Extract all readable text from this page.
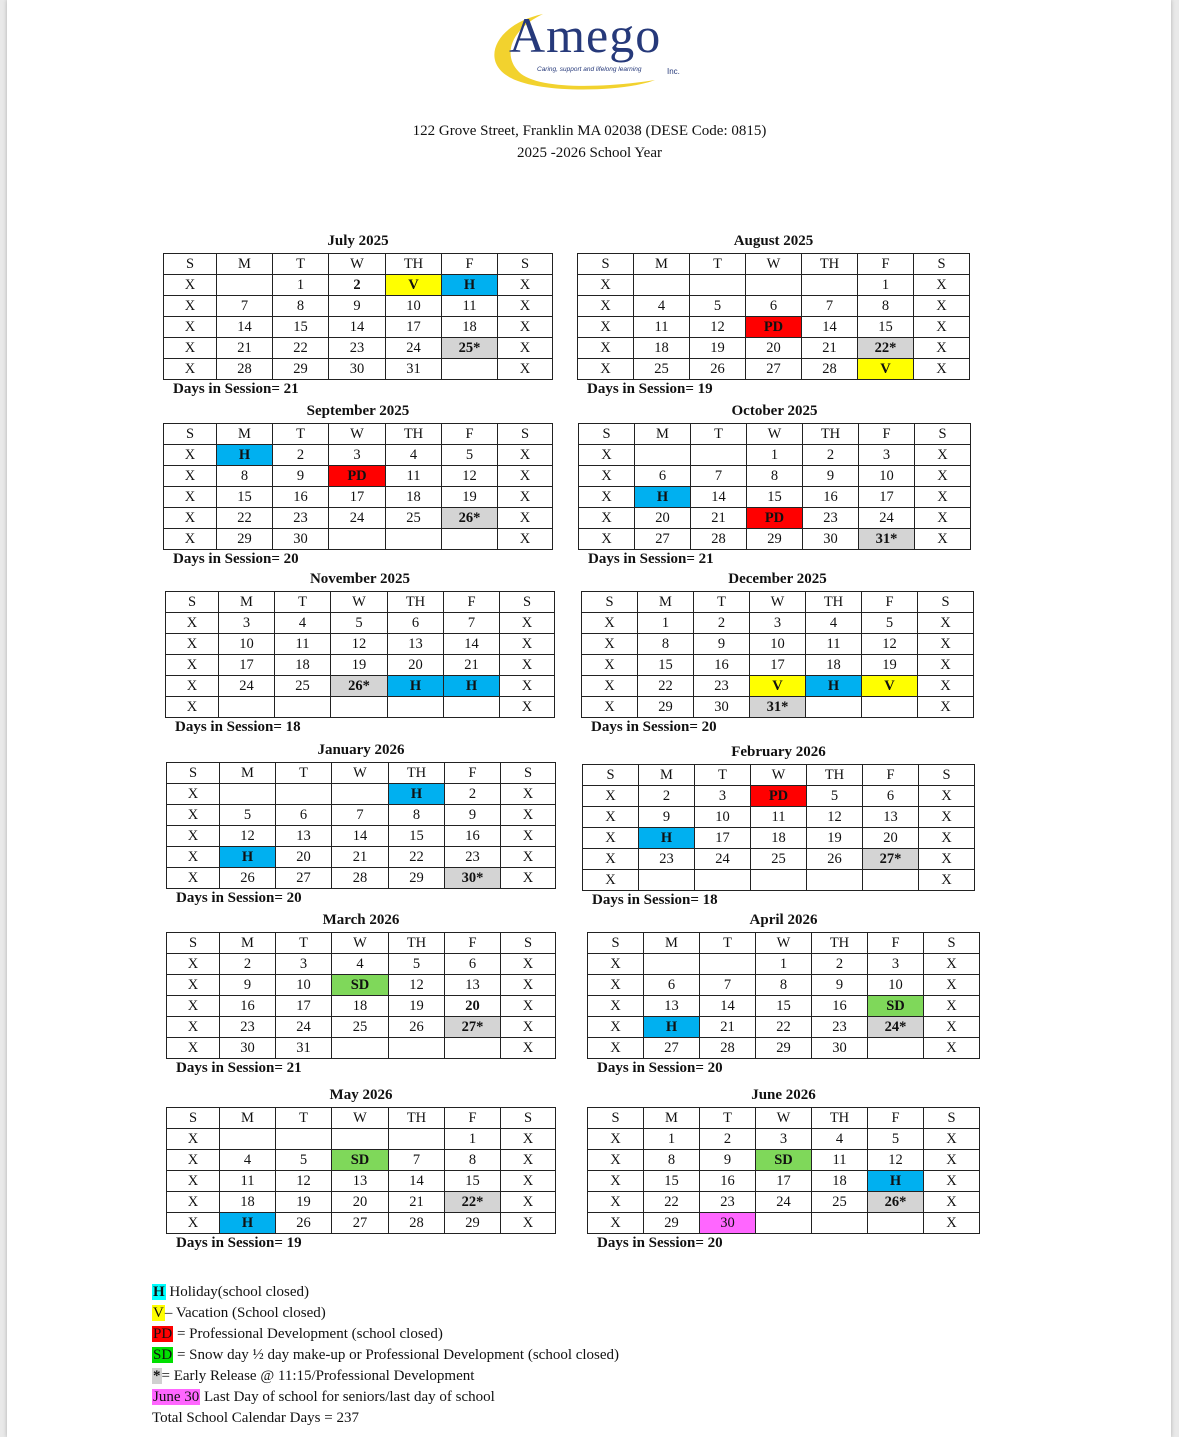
Amego
Caring, support and lifelong learning	Inc.
122 Grove Street, Franklin MA 02038 (DESE Code: 0815)
2025 -2026 School Year
July 2025
S	M	T	W	TH	F	S
X		1	2	V	H	X
X	7	8	9	10	11	X
X	14	15	14	17	18	X
X	21	22	23	24	25*	X
X	28	29	30	31		X
Days in Session= 21
August 2025
S	M	T	W	TH	F	S
X					1	X
X	4	5	6	7	8	X
X	11	12	PD	14	15	X
X	18	19	20	21	22*	X
X	25	26	27	28	V	X
Days in Session= 19
September 2025
S	M	T	W	TH	F	S
X	H	2	3	4	5	X
X	8	9	PD	11	12	X
X	15	16	17	18	19	X
X	22	23	24	25	26*	X
X	29	30				X
Days in Session= 20
October 2025
S	M	T	W	TH	F	S
X			1	2	3	X
X	6	7	8	9	10	X
X	H	14	15	16	17	X
X	20	21	PD	23	24	X
X	27	28	29	30	31*	X
Days in Session= 21
November 2025
S	M	T	W	TH	F	S
X	3	4	5	6	7	X
X	10	11	12	13	14	X
X	17	18	19	20	21	X
X	24	25	26*	H	H	X
X						X
Days in Session= 18
December 2025
S	M	T	W	TH	F	S
X	1	2	3	4	5	X
X	8	9	10	11	12	X
X	15	16	17	18	19	X
X	22	23	V	H	V	X
X	29	30	31*			X
Days in Session= 20
January 2026
S	M	T	W	TH	F	S
X				H	2	X
X	5	6	7	8	9	X
X	12	13	14	15	16	X
X	H	20	21	22	23	X
X	26	27	28	29	30*	X
Days in Session= 20
February 2026
S	M	T	W	TH	F	S
X	2	3	PD	5	6	X
X	9	10	11	12	13	X
X	H	17	18	19	20	X
X	23	24	25	26	27*	X
X						X
Days in Session= 18
March 2026
S	M	T	W	TH	F	S
X	2	3	4	5	6	X
X	9	10	SD	12	13	X
X	16	17	18	19	20	X
X	23	24	25	26	27*	X
X	30	31				X
Days in Session= 21
April 2026
S	M	T	W	TH	F	S
X			1	2	3	X
X	6	7	8	9	10	X
X	13	14	15	16	SD	X
X	H	21	22	23	24*	X
X	27	28	29	30		X
Days in Session= 20
May 2026
S	M	T	W	TH	F	S
X					1	X
X	4	5	SD	7	8	X
X	11	12	13	14	15	X
X	18	19	20	21	22*	X
X	H	26	27	28	29	X
Days in Session= 19
June 2026
S	M	T	W	TH	F	S
X	1	2	3	4	5	X
X	8	9	SD	11	12	X
X	15	16	17	18	H	X
X	22	23	24	25	26*	X
X	29	30				X
Days in Session= 20
H Holiday(school closed)
V– Vacation (School closed)
PD = Professional Development (school closed)
SD = Snow day ½ day make-up or Professional Development (school closed)
*= Early Release @ 11:15/Professional Development
June 30 Last Day of school for seniors/last day of school
Total School Calendar Days = 237
